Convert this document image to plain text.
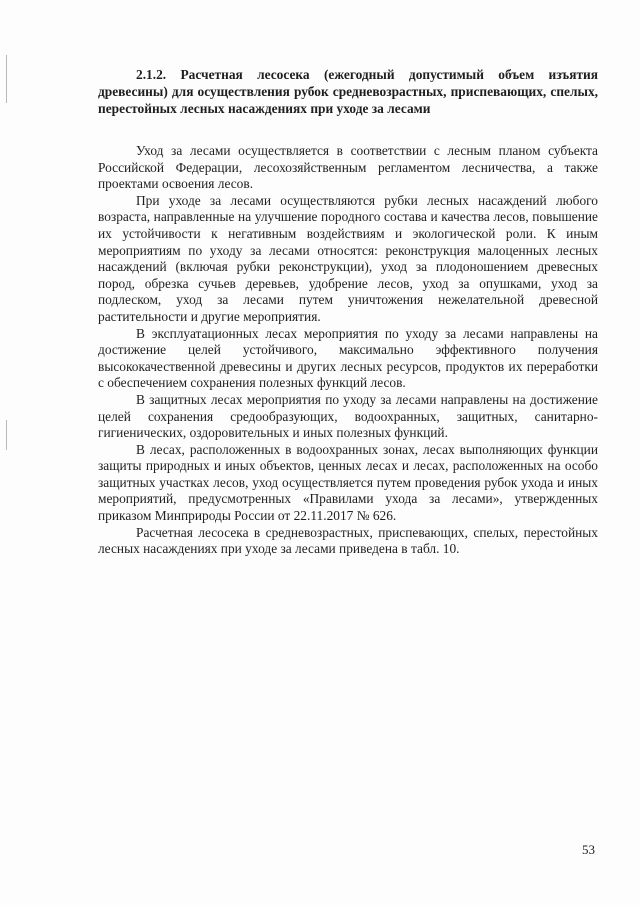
2.1.2. Расчетная лесосека (ежегодный допустимый объем изъятия древесины) для осуществления рубок средневозрастных, приспевающих, спелых, перестойных лесных насаждениях при уходе за лесами

Уход за лесами осуществляется в соответствии с лесным планом субъекта Российской Федерации, лесохозяйственным регламентом лесничества, а также проектами освоения лесов.

При уходе за лесами осуществляются рубки лесных насаждений любого возраста, направленные на улучшение породного состава и качества лесов, повышение их устойчивости к негативным воздействиям и экологической роли. К иным мероприятиям по уходу за лесами относятся: реконструкция малоценных лесных насаждений (включая рубки реконструкции), уход за плодоношением древесных пород, обрезка сучьев деревьев, удобрение лесов, уход за опушками, уход за подлеском, уход за лесами путем уничтожения нежелательной древесной растительности и другие мероприятия.

В эксплуатационных лесах мероприятия по уходу за лесами направлены на достижение целей устойчивого, максимально эффективного получения высококачественной древесины и других лесных ресурсов, продуктов их переработки с обеспечением сохранения полезных функций лесов.

В защитных лесах мероприятия по уходу за лесами направлены на достижение целей сохранения средообразующих, водоохранных, защитных, санитарно-гигиенических, оздоровительных и иных полезных функций.

В лесах, расположенных в водоохранных зонах, лесах выполняющих функции защиты природных и иных объектов, ценных лесах и лесах, расположенных на особо защитных участках лесов, уход осуществляется путем проведения рубок ухода и иных мероприятий, предусмотренных «Правилами ухода за лесами», утвержденных приказом Минприроды России от 22.11.2017 № 626.

Расчетная лесосека в средневозрастных, приспевающих, спелых, перестойных лесных насаждениях при уходе за лесами приведена в табл. 10.

53
